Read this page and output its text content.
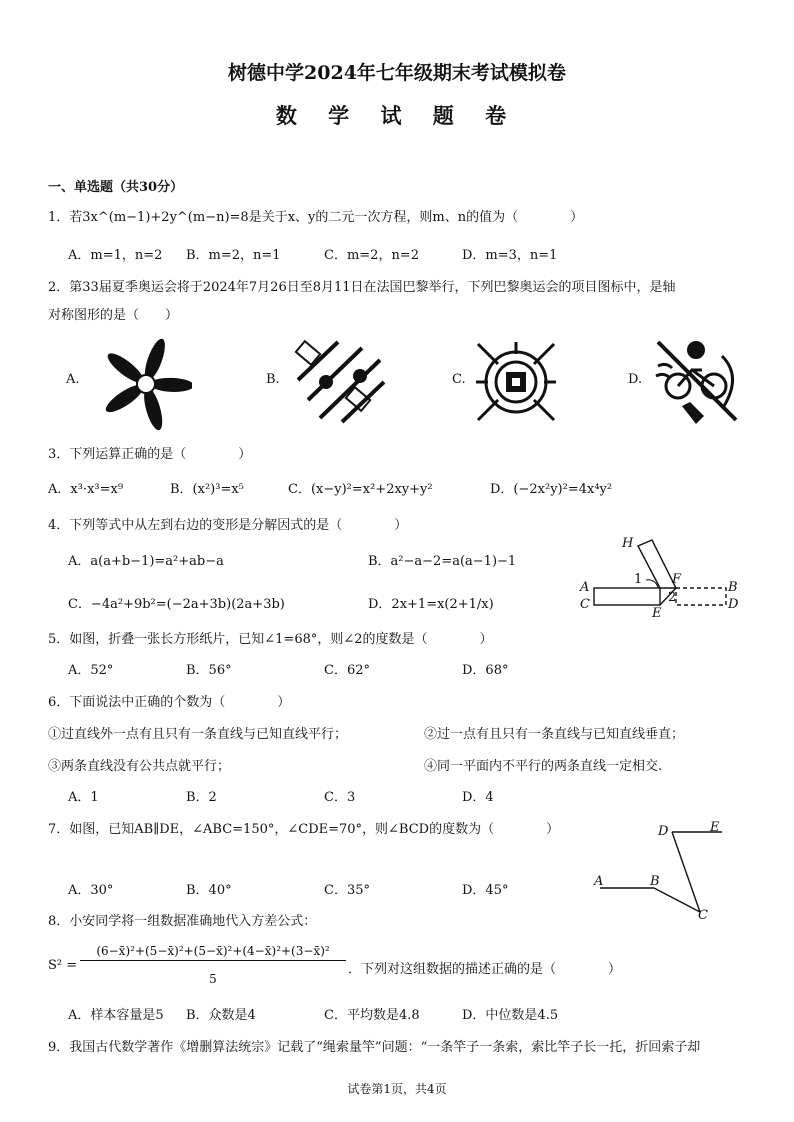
树德中学2024年七年级期末考试模拟卷
数 学 试 题 卷
一、单选题（共30分）
1．若3x^(m−1)+2y^(m−n)=8是关于x、y的二元一次方程，则m、n的值为（　　　　）
A．m=1，n=2 B．m=2，n=1	C．m=2，n=2	D．m=3，n=1
2．第33届夏季奥运会将于2024年7月26日至8月11日在法国巴黎举行，下列巴黎奥运会的项目图标中，是轴
对称图形的是（　　）
A.	B.	C.	D.
3．下列运算正确的是（　　　　）
A．x³·x³=x⁹	B．(x²)³=x⁵	C．(x−y)²=x²+2xy+y²	D．(−2x²y)²=4x⁴y²
4．下列等式中从左到右边的变形是分解因式的是（　　　　）
A．a(a+b−1)=a²+ab−a	B．a²−a−2=a(a−1)−1
C．−4a²+9b²=(−2a+3b)(2a+3b)	D．2x+1=x(2+1/x)
H
A
C
1 F
B
2	D
E
5．如图，折叠一张长方形纸片，已知∠1=68°，则∠2的度数是（　　　　）
A．52°	B．56°	C．62°	D．68°
6．下面说法中正确的个数为（　　　　）
①过直线外一点有且只有一条直线与已知直线平行；	②过一点有且只有一条直线与已知直线垂直；
③两条直线没有公共点就平行；	④同一平面内不平行的两条直线一定相交.
A．1	B．2	C．3	D．4
7．如图，已知AB∥DE，∠ABC=150°，∠CDE=70°，则∠BCD的度数为（　　　　）
A．30°	B．40°	C．35°	D．45°
D	E
A	B
C
8．小安同学将一组数据准确地代入方差公式：
S² =
(6−x̄)²+(5−x̄)²+(5−x̄)²+(4−x̄)²+(3−x̄)²
5
．下列对这组数据的描述正确的是（　　　　）
A．样本容量是5 B．众数是4	C．平均数是4.8	D．中位数是4.5
9．我国古代数学著作《增删算法统宗》记载了“绳索量竿”问题：“一条竿子一条索，索比竿子长一托，折回索子却
试卷第1页，共4页
